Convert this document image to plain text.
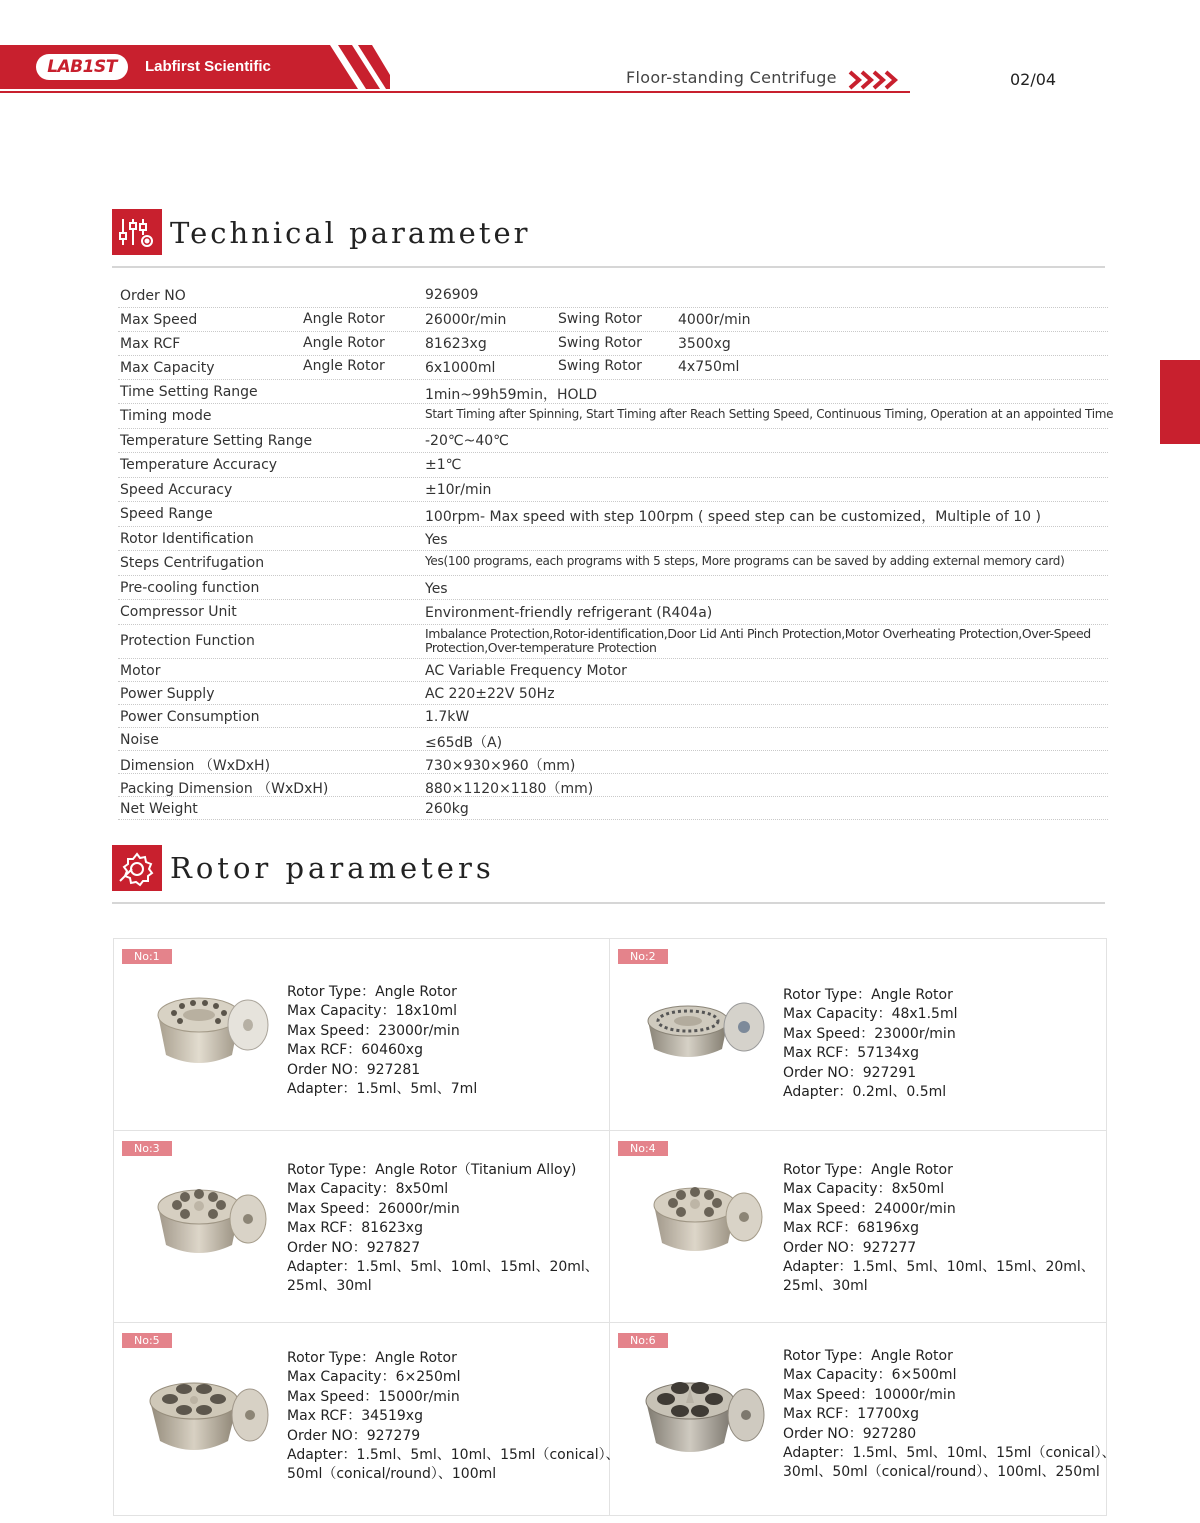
LAB1ST	Labfirst Scientific
Floor-standing Centrifuge	02/04
Technical parameter
Order NO	926909
Max Speed	Angle Rotor	26000r/min	Swing Rotor	4000r/min
Max RCF	Angle Rotor	81623xg	Swing Rotor	3500xg
Max Capacity	Angle Rotor	6x1000ml	Swing Rotor	4x750ml
Time Setting Range	1min~99h59min，HOLD
Timing mode	Start Timing after Spinning, Start Timing after Reach Setting Speed, Continuous Timing, Operation at an appointed Time
Temperature Setting Range	-20℃~40℃
Temperature Accuracy	±1℃
Speed Accuracy	±10r/min
Speed Range	100rpm- Max speed with step 100rpm ( speed step can be customized，Multiple of 10 )
Rotor Identification	Yes
Steps Centrifugation	Yes(100 programs, each programs with 5 steps, More programs can be saved by adding external memory card)
Pre-cooling function	Yes
Compressor Unit	Environment-friendly refrigerant (R404a)
Protection Function	Imbalance Protection,Rotor-identification,Door Lid Anti Pinch Protection,Motor Overheating Protection,Over-Speed Protection,Over-temperature Protection
Motor	AC Variable Frequency Motor
Power Supply	AC 220±22V 50Hz
Power Consumption	1.7kW
Noise	≤65dB（A)
Dimension （WxDxH)	730×930×960（mm)
Packing Dimension （WxDxH)	880×1120×1180（mm)
Net Weight	260kg
Rotor parameters
No:1
Rotor Type：Angle Rotor
Max Capacity：18x10ml
Max Speed：23000r/min
Max RCF：60460xg
Order NO：927281
Adapter：1.5ml、5ml、7ml
No:2
Rotor Type：Angle Rotor
Max Capacity：48x1.5ml
Max Speed：23000r/min
Max RCF：57134xg
Order NO：927291
Adapter：0.2ml、0.5ml
No:3
Rotor Type：Angle Rotor（Titanium Alloy)
Max Capacity：8x50ml
Max Speed：26000r/min
Max RCF：81623xg
Order NO：927827
Adapter：1.5ml、5ml、10ml、15ml、20ml、
25ml、30ml
No:4
Rotor Type：Angle Rotor
Max Capacity：8x50ml
Max Speed：24000r/min
Max RCF：68196xg
Order NO：927277
Adapter：1.5ml、5ml、10ml、15ml、20ml、
25ml、30ml
No:5
Rotor Type：Angle Rotor
Max Capacity：6×250ml
Max Speed：15000r/min
Max RCF：34519xg
Order NO：927279
Adapter：1.5ml、5ml、10ml、15ml（conical）、
50ml（conical/round）、100ml
No:6
Rotor Type：Angle Rotor
Max Capacity：6×500ml
Max Speed：10000r/min
Max RCF：17700xg
Order NO：927280
Adapter：1.5ml、5ml、10ml、15ml（conical）、
30ml、50ml（conical/round）、100ml、250ml
